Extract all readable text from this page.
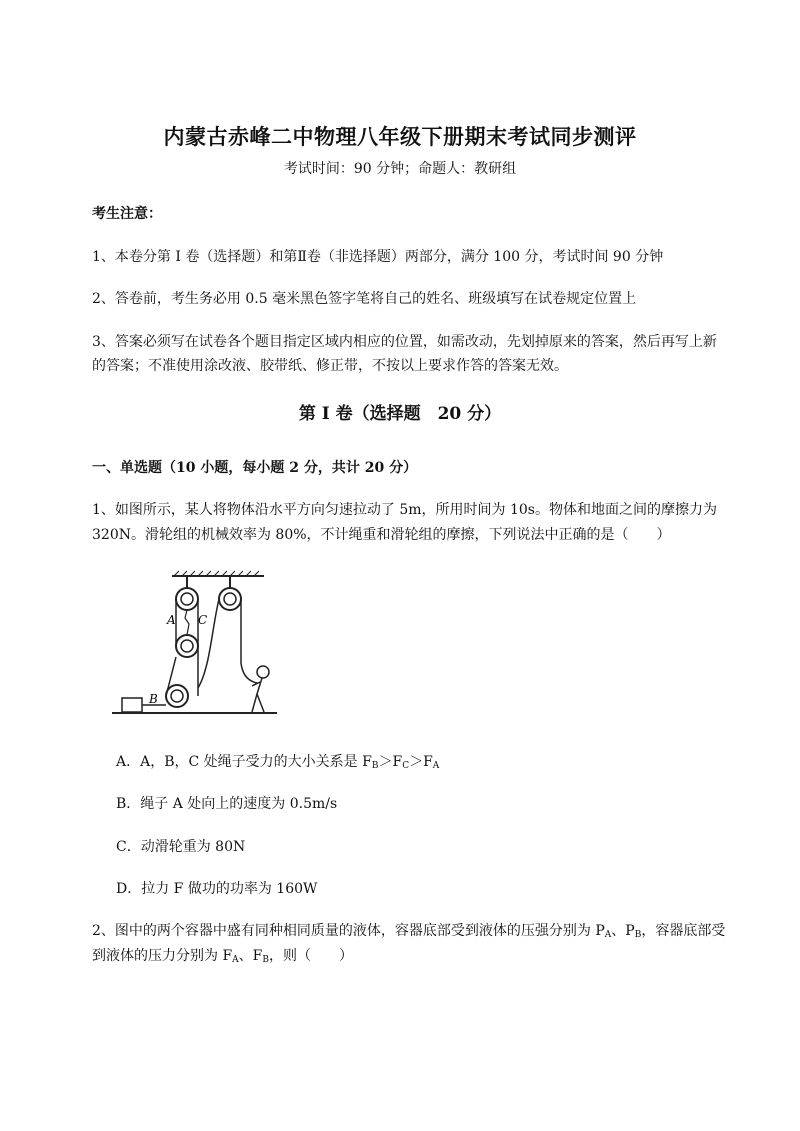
内蒙古赤峰二中物理八年级下册期末考试同步测评
考试时间：90 分钟；命题人：教研组
考生注意：
1、本卷分第 I 卷（选择题）和第Ⅱ卷（非选择题）两部分，满分 100 分，考试时间 90 分钟
2、答卷前，考生务必用 0.5 毫米黑色签字笔将自己的姓名、班级填写在试卷规定位置上
3、答案必须写在试卷各个题目指定区域内相应的位置，如需改动，先划掉原来的答案，然后再写上新
的答案；不准使用涂改液、胶带纸、修正带，不按以上要求作答的答案无效。
第 I 卷（选择题　20 分）
一、单选题（10 小题，每小题 2 分，共计 20 分）
1、如图所示，某人将物体沿水平方向匀速拉动了 5m，所用时间为 10s。物体和地面之间的摩擦力为
320N。滑轮组的机械效率为 80%，不计绳重和滑轮组的摩擦，下列说法中正确的是（　　）
A C
B
A．A，B，C 处绳子受力的大小关系是 $F_B>F_C>F_A$
B．绳子 A 处向上的速度为 0.5m/s
C．动滑轮重为 80N
D．拉力 F 做功的功率为 160W
2、图中的两个容器中盛有同种相同质量的液体，容器底部受到液体的压强分别为 $P_A$、$P_B$，容器底部受
到液体的压力分别为 $F_A$、$F_B$，则（　　）
